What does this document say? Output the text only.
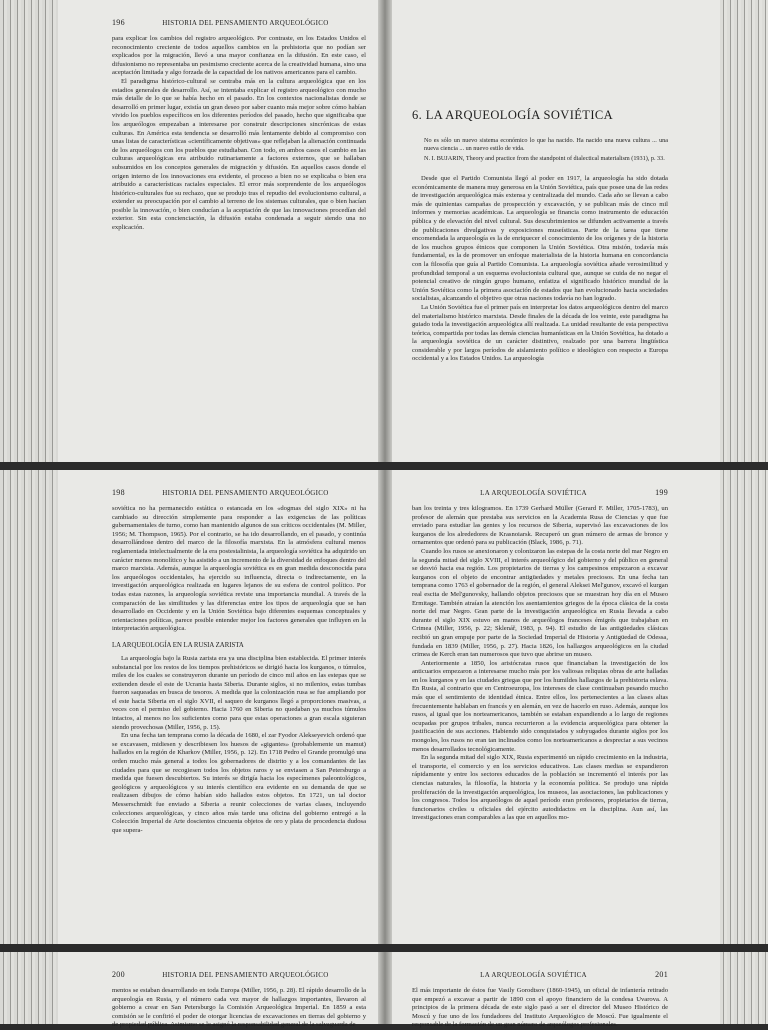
196	HISTORIA DEL PENSAMIENTO ARQUEOLÓGICO

para explicar los cambios del registro arqueológico. Por contraste, en los Estados Unidos el reconocimiento creciente de todos aquellos cambios en la prehistoria que no podían ser explicados por la migración, llevó a una mayor confianza en la difusión. En este caso, el difusionismo no representaba un pesimismo creciente acerca de la creatividad humana, sino una aceptación limitada y algo forzada de la capacidad de los nativos americanos para el cambio.

El paradigma histórico-cultural se centraba más en la cultura arqueológica que en los estadios generales de desarrollo. Así, se intentaba explicar el registro arqueológico con mucho más detalle de lo que se había hecho en el pasado. En los contextos nacionalistas donde se desarrolló en primer lugar, existía un gran deseo por saber cuanto más mejor sobre cómo habían vivido los pueblos específicos en los diferentes períodos del pasado, hecho que significaba que los arqueólogos empezaban a interesarse por construir descripciones sincrónicas de estas culturas. En América esta tendencia se desarrolló más lentamente debido al compromiso con unas listas de características «científicamente objetivas» que reflejaban la alienación continuada de los arqueólogos con los pueblos que estudiaban. Con todo, en ambos casos el cambio en las culturas arqueológicas era atribuido rutinariamente a factores externos, que se hallaban subsumidos en los conceptos generales de migración y difusión. En aquellos casos donde el origen interno de los innovaciones era evidente, el proceso a bien no se explicaba o bien era atribuido a características raciales especiales. El error más sorprendente de los arqueólogos histórico-culturales fue su rechazo, que se produjo tras el repudio del evolucionismo cultural, a extender su preocupación por el cambio al terreno de los sistemas culturales, que o bien hacían posible la innovación, o bien conducían a la aceptación de que las innovaciones procedían del exterior. Sin esta concienciación, la difusión estaba condenada a seguir siendo una no explicación.

6. LA ARQUEOLOGÍA SOVIÉTICA
No es sólo un nuevo sistema económico lo que ha nacido. Ha nacido una nueva cultura ... una nueva ciencia ... un nuevo estilo de vida.
N. I. BUJARIN, Theory and practice from the standpoint of dialectical materialism (1931), p. 33.

Desde que el Partido Comunista llegó al poder en 1917, la arqueología ha sido dotada económicamente de manera muy generosa en la Unión Soviética, país que posee una de las redes de investigación arqueológica más extensa y centralizada del mundo. Cada año se llevan a cabo más de quinientas campañas de prospección y excavación, y se publican más de cinco mil informes y memorias académicas. La arqueología se financia como instrumento de educación pública y de elevación del nivel cultural. Sus descubrimientos se difunden activamente a través de publicaciones divulgativas y exposiciones museísticas. Parte de la tarea que tiene encomendada la arqueología es la de enriquecer el conocimiento de los orígenes y de la historia de los muchos grupos étnicos que componen la Unión Soviética. Otra misión, todavía más fundamental, es la de promover un enfoque materialista de la historia humana en concordancia con la filosofía que guía al Partido Comunista. La arqueología soviética añade verosimilitud y profundidad temporal a un esquema evolucionista cultural que, aunque se cuida de no negar el potencial creativo de ningún grupo humano, enfatiza el significado histórico mundial de la Unión Soviética como la primera asociación de estados que han evolucionado hacia sociedades socialistas, alcanzando el objetivo que otras naciones todavía no han logrado.

La Unión Soviética fue el primer país en interpretar los datos arqueológicos dentro del marco del materialismo histórico marxista. Desde finales de la década de los veinte, este paradigma ha guiado toda la investigación arqueológica allí realizada. La unidad resultante de esta perspectiva teórica, compartida por todas las demás ciencias humanísticas en la Unión Soviética, ha dotado a la arqueología soviética de un carácter distintivo, realzado por una barrera lingüística considerable y por largos períodos de aislamiento político e ideológico con respecto a Europa occidental y a los Estados Unidos. La arqueología

198	HISTORIA DEL PENSAMIENTO ARQUEOLÓGICO

soviética no ha permanecido estática o estancada en los «dogmas del siglo XIX» ni ha cambiado su dirección simplemente para responder a las exigencias de las políticas gubernamentales de turno, como han mantenido algunos de sus críticos occidentales (M. Miller, 1956; M. Thompson, 1965). Por el contrario, se ha ido desarrollando, en el pasado, y continúa desarrollándose dentro del marco de la filosofía marxista. En la atmósfera cultural menos reglamentada intelectualmente de la era postestalinista, la arqueología soviética ha adquirido un carácter menos monolítico y ha asistido a un incremento de la diversidad de enfoques dentro del marco marxista. Además, aunque la arqueología soviética es en gran medida desconocida para los arqueólogos occidentales, ha ejercido su influencia, directa o indirectamente, en la investigación arqueológica realizada en lugares lejanos de su esfera de control político. Por todas estas razones, la arqueología soviética reviste una importancia mundial. A través de la comparación de las similitudes y las diferencias entre los tipos de arqueología que se han desarrollado en Occidente y en la Unión Soviética bajo diferentes esquemas conceptuales y orientaciones políticas, parece posible entender mejor los factores generales que influyen en la interpretación arqueológica.

LA ARQUEOLOGÍA EN LA RUSIA ZARISTA

La arqueología bajo la Rusia zarista era ya una disciplina bien establecida. El primer interés substancial por los restos de los tiempos prehistóricos se dirigió hacia los kurganos, o túmulos, miles de los cuales se construyeron durante un período de cinco mil años en las estepas que se extienden desde el este de Ucrania hasta Siberia. Durante siglos, si no milenios, estas tumbas fueron saqueadas en busca de tesoros. A medida que la colonización rusa se fue ampliando por el este hacia Siberia en el siglo XVII, el saqueo de kurganos llegó a proporciones masivas, a veces con el permiso del gobierno. Hacia 1760 en Siberia no quedaban ya muchos túmulos intactos, al menos no los suficientes como para que estas operaciones a gran escala siguieran siendo provechosas (Miller, 1956, p. 15).

En una fecha tan temprana como la década de 1680, el zar Fyodor Alekseyevich ordenó que se excavasen, midiesen y describiesen los huesos de «gigantes» (probablemente un mamut) hallados en la región de Kharkov (Miller, 1956, p. 12). En 1718 Pedro el Grande promulgó una orden mucho más general a todos los gobernadores de distrito y a los comandantes de las ciudades para que se recogiesen todos los objetos raros y se enviasen a San Petersburgo a medida que fuesen descubiertos. Su interés se dirigía hacia los especímenes paleontológicos, geológicos y arqueológicos y su interés científico era evidente en su demanda de que se realizasen dibujos de cómo habían sido hallados estos objetos. En 1721, un tal doctor Messerschmidt fue enviado a Siberia a reunir colecciones de varias clases, incluyendo colecciones arqueológicas, y cinco años más tarde una oficina del gobierno entregó a la Colección Imperial de Arte doscientos cincuenta objetos de oro y plata de procedencia dudosa que supera-

LA ARQUEOLOGÍA SOVIÉTICA	199

ban los treinta y tres kilogramos. En 1739 Gerhard Müller (Gerard F. Miller, 1705-1783), un profesor de alemán que prestaba sus servicios en la Academia Rusa de Ciencias y que fue enviado para estudiar las gentes y los recursos de Siberia, supervisó las excavaciones de los kurganos de los alrededores de Krasnoiarsk. Recuperó un gran número de armas de bronce y ornamentos que ordenó para su publicación (Black, 1986, p. 71).

Cuando los rusos se anexionaron y colonizaron las estepas de la costa norte del mar Negro en la segunda mitad del siglo XVIII, el interés arqueológico del gobierno y del público en general se desvió hacia esa región. Los propietarios de tierras y los campesinos empezaron a excavar kurganos con el objeto de encontrar antigüedades y metales preciosos. En una fecha tan temprana como 1763 el gobernador de la región, el general Aleksei Mel'gunov, excavó el kurgan real escita de Mel'gunovsky, hallando objetos preciosos que se muestran hoy día en el Museo Ermitage. También atraían la atención los asentamientos griegos de la época clásica de la costa norte del mar Negro. Gran parte de la investigación arqueológica en Rusia llevada a cabo durante el siglo XIX estuvo en manos de arqueólogos franceses émigrés que trabajaban en Crimea (Miller, 1956, p. 22; Sklenář, 1983, p. 94). El estudio de las antigüedades clásicas recibió un gran empuje por parte de la Sociedad Imperial de Historia y Antigüedad de Odessa, fundada en 1839 (Miller, 1956, p. 27). Hacia 1826, los hallazgos arqueológicos en la ciudad crimea de Kerch eran tan numerosos que tuvo que abrirse un museo.

Anteriormente a 1850, los aristócratas rusos que financiaban la investigación de los anticuarios empezaron a interesarse mucho más por los valiosas reliquias obras de arte halladas en los kurganos y en las ciudades griegas que por los humildes hallazgos de la prehistoria eslava. En Rusia, al contrario que en Centroeuropa, los intereses de clase continuaban pesando mucho más que el sentimiento de identidad étnica. Entre ellos, los pertenecientes a las clases altas frecuentemente hablaban en francés y en alemán, en vez de hacerlo en ruso. Además, aunque los rusos, al igual que los norteamericanos, también se estaban expandiendo a lo largo de regiones ocupadas por grupos tribales, nunca recurrieron a la evidencia arqueológica para obtener la justificación de sus acciones. Habiendo sido conquistados y subyugados durante siglos por los mongoles, los rusos no eran tan inclinados como los norteamericanos a despreciar a sus vecinos menos desarrollados tecnológicamente.

En la segunda mitad del siglo XIX, Rusia experimentó un rápido crecimiento en la industria, el transporte, el comercio y en los servicios educativos. Las clases medias se expandieron rápidamente y entre los sectores educados de la población se incrementó el interés por las ciencias naturales, la filosofía, la historia y la economía política. Se produjo una rápida proliferación de la investigación arqueológica, los museos, las asociaciones, las publicaciones y los congresos. Todos los arqueólogos de aquel período eran profesores, propietarios de tierras, funcionarios civiles u oficiales del ejército autodidactos en la disciplina. Aun así, las investigaciones eran comparables a las que en aquellos mo-

200	HISTORIA DEL PENSAMIENTO ARQUEOLÓGICO

mentos se estaban desarrollando en toda Europa (Miller, 1956, p. 28). El rápido desarrollo de la arqueología en Rusia, y el número cada vez mayor de hallazgos importantes, llevaron al gobierno a crear en San Petersburgo la Comisión Arqueológica Imperial. En 1859 a esta comisión se le confirió el poder de otorgar licencias de excavaciones en tierras del gobierno y de propiedad pública. Asimismo se le asignó la responsabilidad general de la salvaguarda de

LA ARQUEOLOGÍA SOVIÉTICA	201

El más importante de éstos fue Vasily Gorodtsov (1860-1945), un oficial de infantería retirado que empezó a excavar a partir de 1890 con el apoyo financiero de la condesa Uvarova. A principios de la primera década de este siglo pasó a ser el director del Museo Histórico de Moscú y fue uno de los fundadores del Instituto Arqueológico de Moscú. Fue igualmente el responsable de la formación de un gran número de arqueólogos profesionales.
